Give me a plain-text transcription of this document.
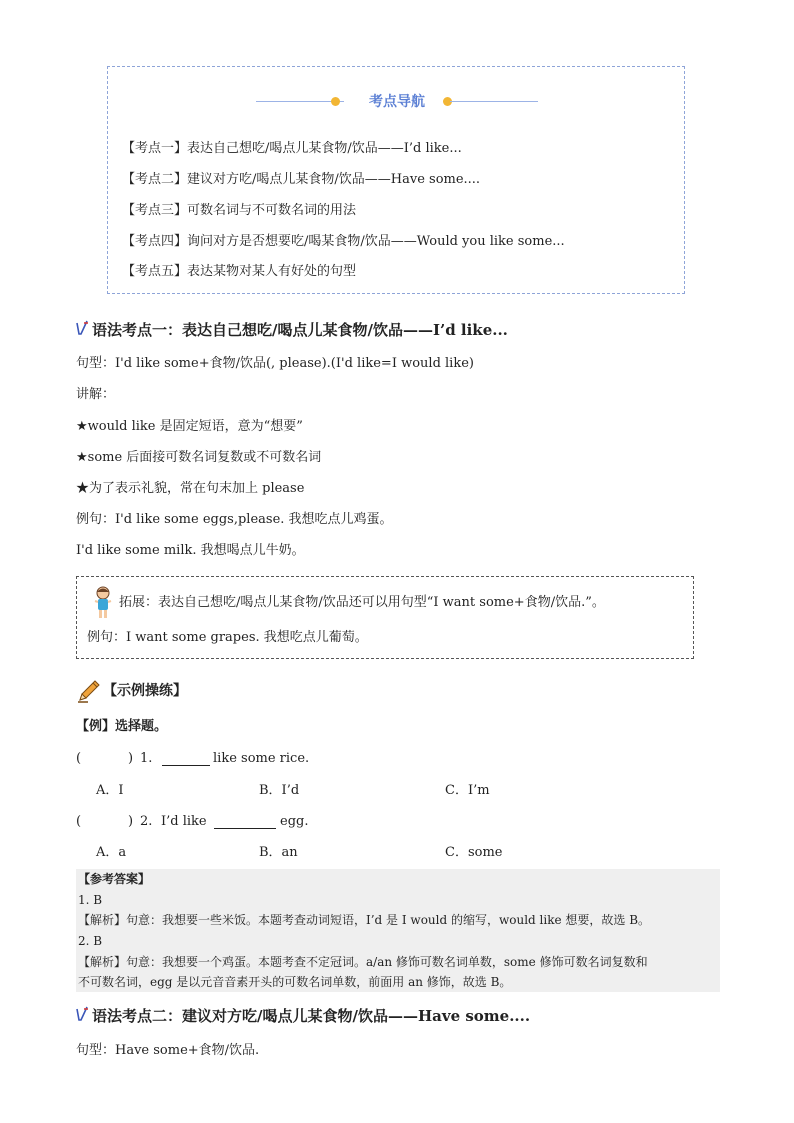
考点导航
【考点一】表达自己想吃/喝点儿某食物/饮品——I’d like...
【考点二】建议对方吃/喝点儿某食物/饮品——Have some....
【考点三】可数名词与不可数名词的用法
【考点四】询问对方是否想要吃/喝某食物/饮品——Would you like some...
【考点五】表达某物对某人有好处的句型
语法考点一：表达自己想吃/喝点儿某食物/饮品——I’d like...
句型：I'd like some+食物/饮品(, please).(I'd like=I would like)
讲解：
★would like 是固定短语，意为“想要”
★some 后面接可数名词复数或不可数名词
★为了表示礼貌，常在句末加上 please
例句：I'd like some eggs,please. 我想吃点儿鸡蛋。
I'd like some milk. 我想喝点儿牛奶。
拓展：表达自己想吃/喝点儿某食物/饮品还可以用句型“I want some+食物/饮品.”。
例句：I want some grapes. 我想吃点儿葡萄。
【示例操练】
【例】选择题。
(	) 1.	like some rice.
A．I	B．I’d	C．I’m
(	) 2. I’d like	egg.
A．a	B．an	C．some
【参考答案】
1. B
【解析】句意：我想要一些米饭。本题考查动词短语，I’d 是 I would 的缩写，would like 想要，故选 B。
2. B
【解析】句意：我想要一个鸡蛋。本题考查不定冠词。a/an 修饰可数名词单数，some 修饰可数名词复数和
不可数名词，egg 是以元音音素开头的可数名词单数，前面用 an 修饰，故选 B。
语法考点二：建议对方吃/喝点儿某食物/饮品——Have some....
句型：Have some+食物/饮品.
